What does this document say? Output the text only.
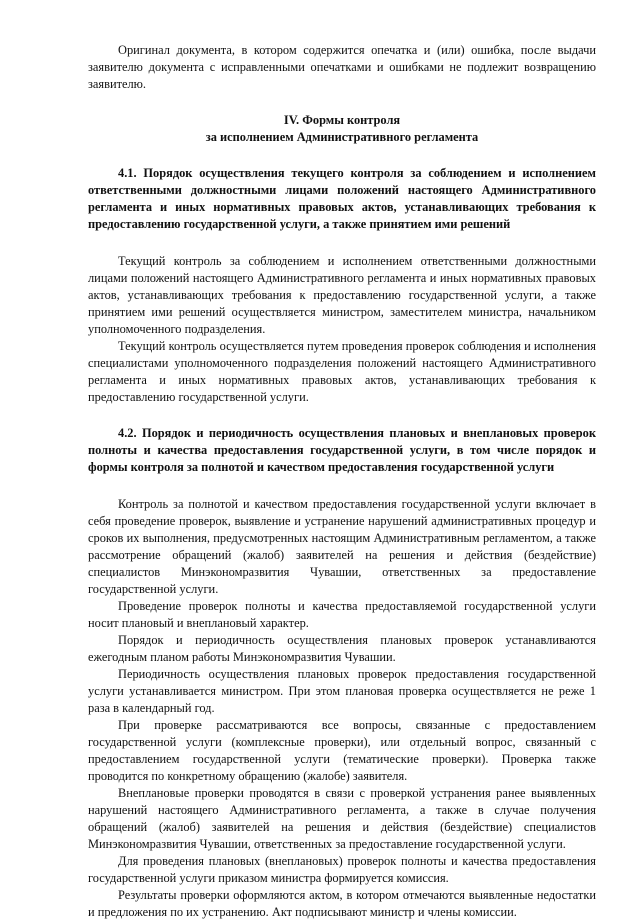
Оригинал документа, в котором содержится опечатка и (или) ошибка, после выдачи заявителю документа с исправленными опечатками и ошибками не подлежит возвращению заявителю.

IV. Формы контроля
за исполнением Административного регламента

4.1. Порядок осуществления текущего контроля за соблюдением и исполнением ответственными должностными лицами положений настоящего Административного регламента и иных нормативных правовых актов, устанавливающих требования к предоставлению государственной услуги, а также принятием ими решений

Текущий контроль за соблюдением и исполнением ответственными должностными лицами положений настоящего Административного регламента и иных нормативных правовых актов, устанавливающих требования к предоставлению государственной услуги, а также принятием ими решений осуществляется министром, заместителем министра, начальником уполномоченного подразделения.

Текущий контроль осуществляется путем проведения проверок соблюдения и исполнения специалистами уполномоченного подразделения положений настоящего Административного регламента и иных нормативных правовых актов, устанавливающих требования к предоставлению государственной услуги.

4.2. Порядок и периодичность осуществления плановых и внеплановых проверок полноты и качества предоставления государственной услуги, в том числе порядок и формы контроля за полнотой и качеством предоставления государственной услуги

Контроль за полнотой и качеством предоставления государственной услуги включает в себя проведение проверок, выявление и устранение нарушений административных процедур и сроков их выполнения, предусмотренных настоящим Административным регламентом, а также рассмотрение обращений (жалоб) заявителей на решения и действия (бездействие) специалистов Минэкономразвития Чувашии, ответственных за предоставление государственной услуги.

Проведение проверок полноты и качества предоставляемой государственной услуги носит плановый и внеплановый характер.

Порядок и периодичность осуществления плановых проверок устанавливаются ежегодным планом работы Минэкономразвития Чувашии.

Периодичность осуществления плановых проверок предоставления государственной услуги устанавливается министром. При этом плановая проверка осуществляется не реже 1 раза в календарный год.

При проверке рассматриваются все вопросы, связанные с предоставлением государственной услуги (комплексные проверки), или отдельный вопрос, связанный с предоставлением государственной услуги (тематические проверки). Проверка также проводится по конкретному обращению (жалобе) заявителя.

Внеплановые проверки проводятся в связи с проверкой устранения ранее выявленных нарушений настоящего Административного регламента, а также в случае получения обращений (жалоб) заявителей на решения и действия (бездействие) специалистов Минэкономразвития Чувашии, ответственных за предоставление государственной услуги.

Для проведения плановых (внеплановых) проверок полноты и качества предоставления государственной услуги приказом министра формируется комиссия.

Результаты проверки оформляются актом, в котором отмечаются выявленные недостатки и предложения по их устранению. Акт подписывают министр и члены комиссии.
